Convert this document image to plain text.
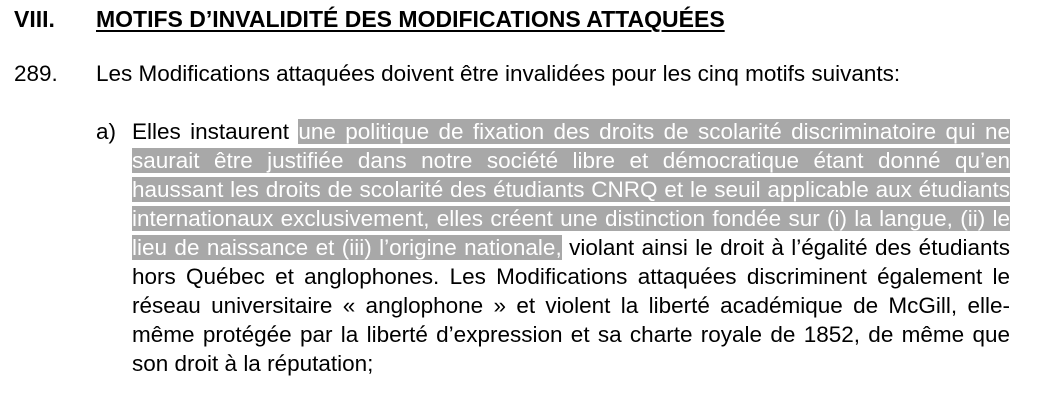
VIII. MOTIFS D’INVALIDITÉ DES MODIFICATIONS ATTAQUÉES
289. Les Modifications attaquées doivent être invalidées pour les cinq motifs suivants:
a) Elles instaurent une politique de fixation des droits de scolarité discriminatoire qui ne saurait être justifiée dans notre société libre et démocratique étant donné qu’en haussant les droits de scolarité des étudiants CNRQ et le seuil applicable aux étudiants internationaux exclusivement, elles créent une distinction fondée sur (i) la langue, (ii) le lieu de naissance et (iii) l’origine nationale, violant ainsi le droit à l’égalité des étudiants hors Québec et anglophones. Les Modifications attaquées discriminent également le réseau universitaire « anglophone » et violent la liberté académique de McGill, elle-même protégée par la liberté d’expression et sa charte royale de 1852, de même que son droit à la réputation;
